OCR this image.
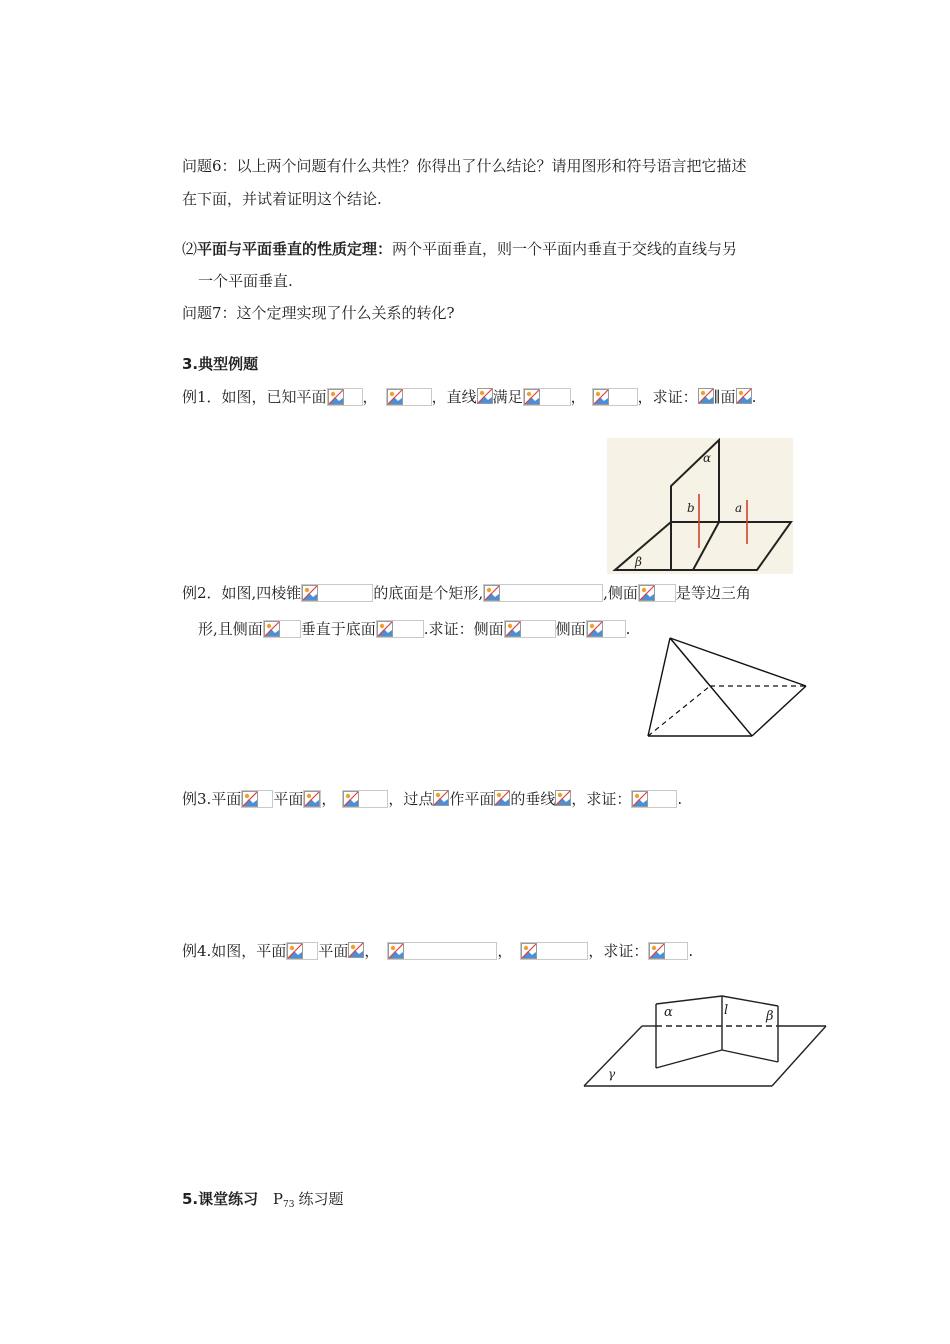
问题6：以上两个问题有什么共性？你得出了什么结论？请用图形和符号语言把它描述
在下面，并试着证明这个结论.
⑵平面与平面垂直的性质定理：两个平面垂直，则一个平面内垂直于交线的直线与另
一个平面垂直.
问题7：这个定理实现了什么关系的转化?
3.典型例题
例1．如图，已知平面 ，	，直线 满足	，	，求证： ∥面 .
α
b	a
β
例2．如图,四棱锥	的底面是个矩形,	,侧面	是等边三角
形,且侧面	垂直于底面	.求证：侧面	侧面	.
例3.平面 平面 ，	，过点 作平面 的垂线 ，求证：	.
例4.如图，平面 平面 ，	，	，求证：	.
α	l	β
γ
5.课堂练习 $P_{73}$ 练习题
